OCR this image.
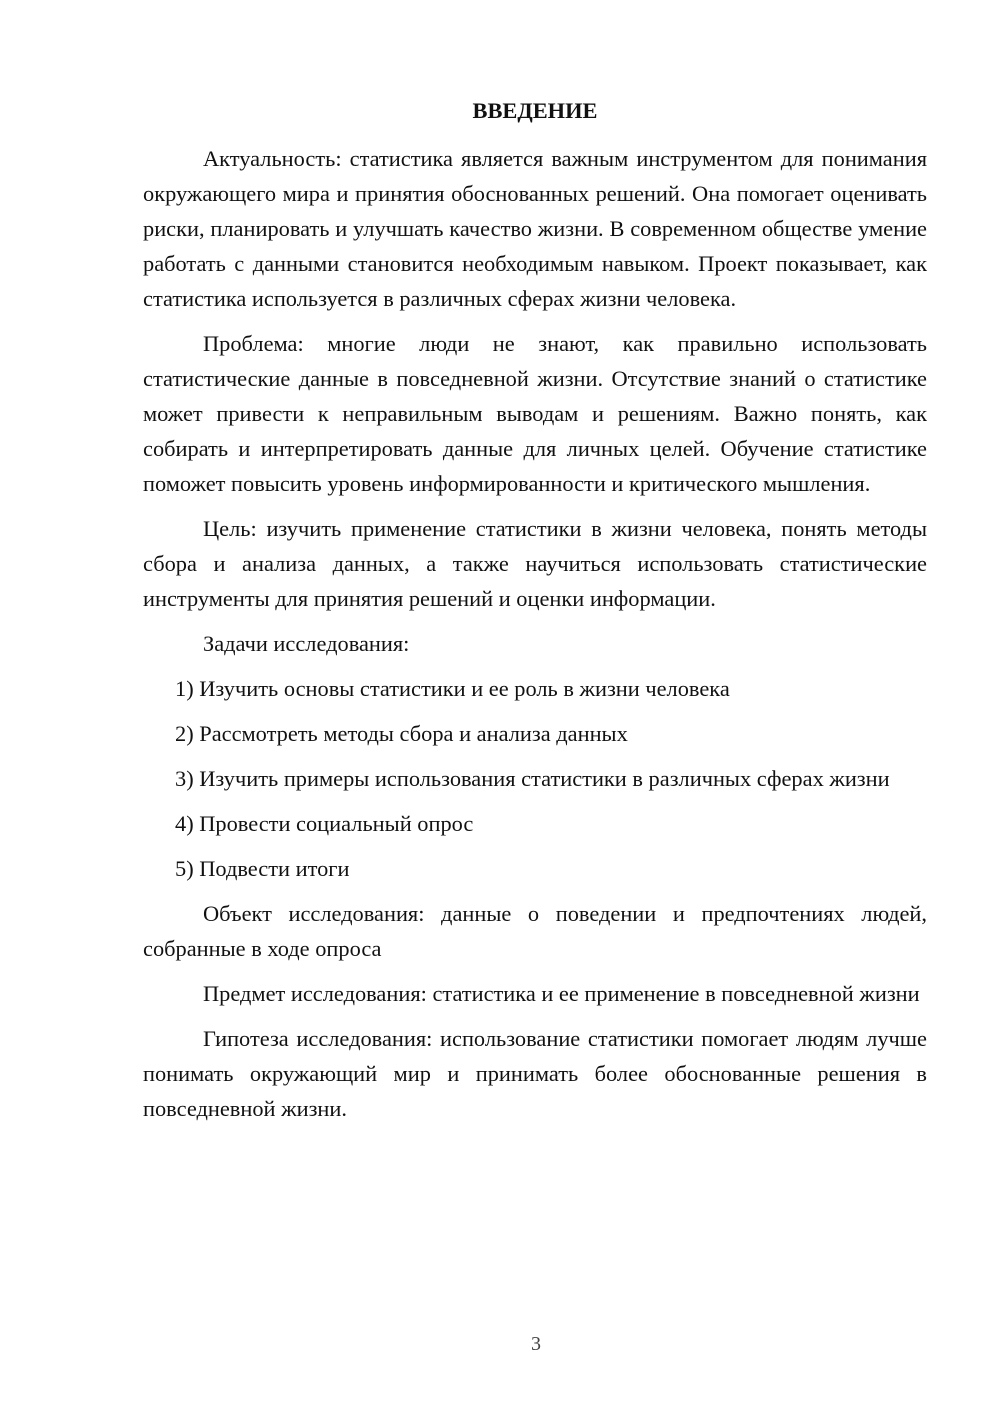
ВВЕДЕНИЕ

Актуальность: статистика является важным инструментом для понимания окружающего мира и принятия обоснованных решений. Она помогает оценивать риски, планировать и улучшать качество жизни. В современном обществе умение работать с данными становится необходимым навыком. Проект показывает, как статистика используется в различных сферах жизни человека.

Проблема: многие люди не знают, как правильно использовать статистические данные в повседневной жизни. Отсутствие знаний о статистике может привести к неправильным выводам и решениям. Важно понять, как собирать и интерпретировать данные для личных целей. Обучение статистике поможет повысить уровень информированности и критического мышления.

Цель: изучить применение статистики в жизни человека, понять методы сбора и анализа данных, а также научиться использовать статистические инструменты для принятия решений и оценки информации.

Задачи исследования:

1) Изучить основы статистики и ее роль в жизни человека
2) Рассмотреть методы сбора и анализа данных
3) Изучить примеры использования статистики в различных сферах жизни
4) Провести социальный опрос
5) Подвести итоги

Объект исследования: данные о поведении и предпочтениях людей, собранные в ходе опроса

Предмет исследования: статистика и ее применение в повседневной жизни

Гипотеза исследования: использование статистики помогает людям лучше понимать окружающий мир и принимать более обоснованные решения в повседневной жизни.

3
